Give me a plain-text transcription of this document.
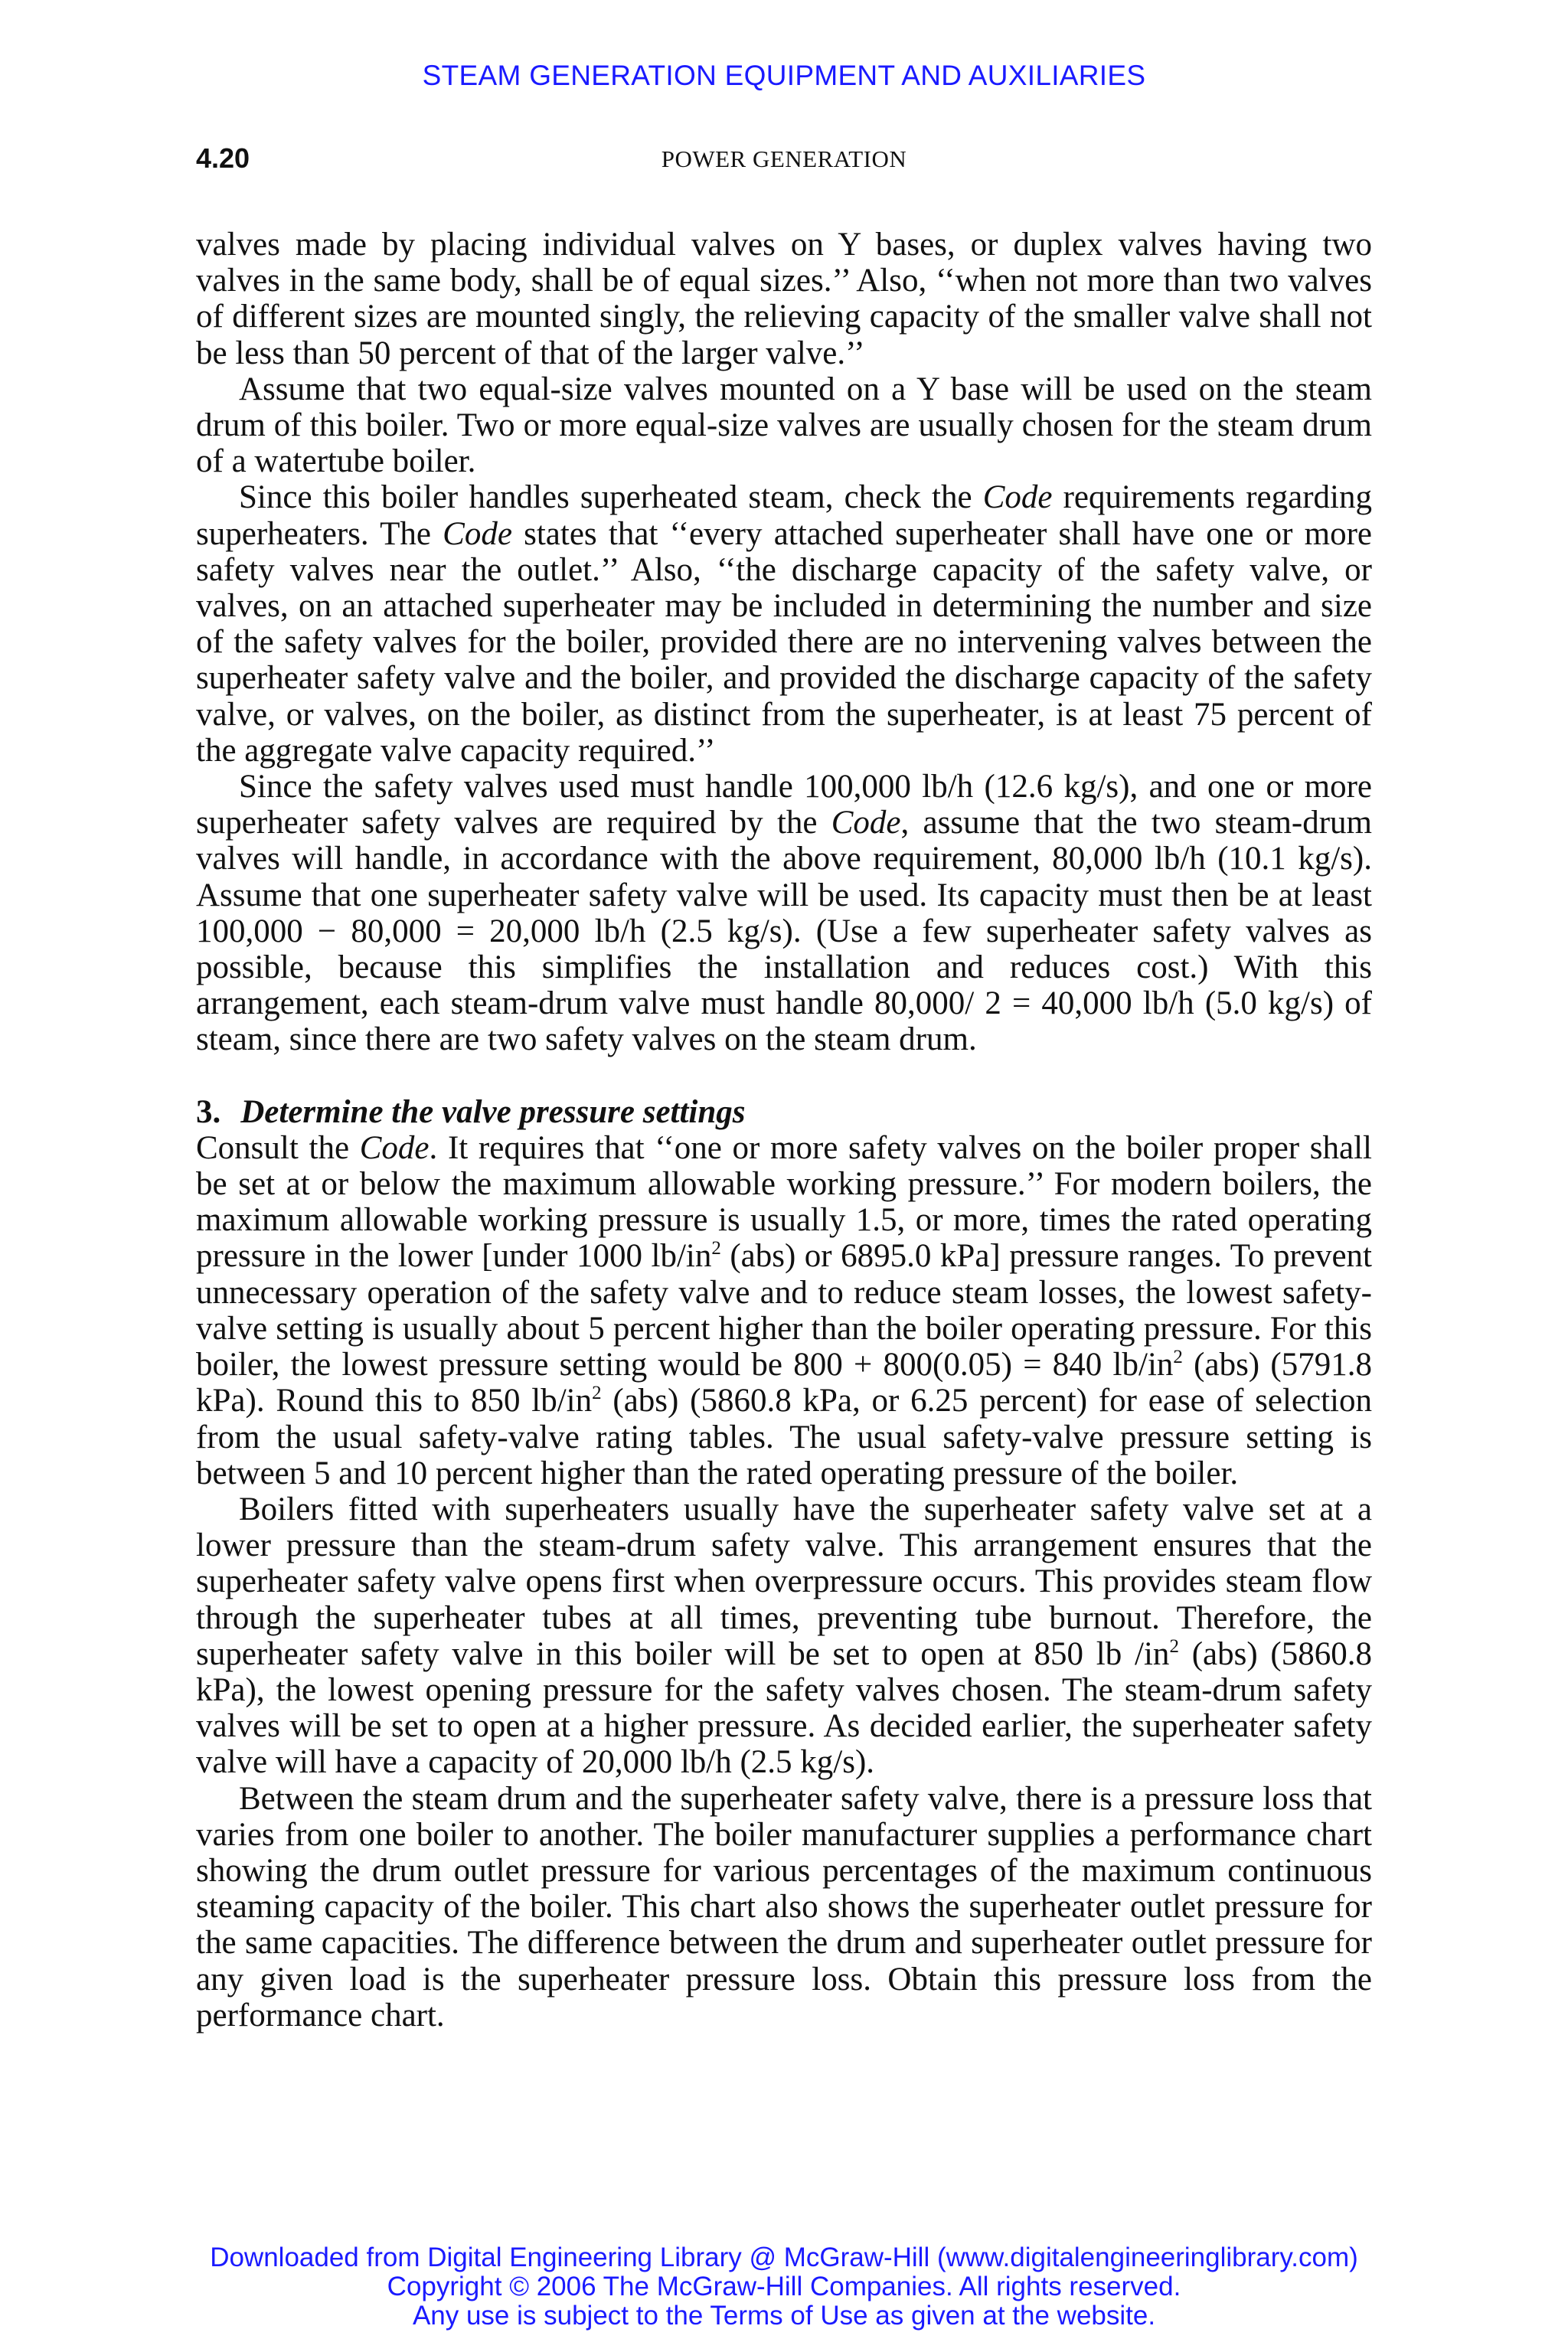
STEAM GENERATION EQUIPMENT AND AUXILIARIES
4.20	POWER GENERATION

valves made by placing individual valves on Y bases, or duplex valves having two valves in the same body, shall be of equal sizes.’’ Also, ‘‘when not more than two valves of different sizes are mounted singly, the relieving capacity of the smaller valve shall not be less than 50 percent of that of the larger valve.’’

Assume that two equal-size valves mounted on a Y base will be used on the steam drum of this boiler. Two or more equal-size valves are usually chosen for the steam drum of a watertube boiler.

Since this boiler handles superheated steam, check the Code requirements regarding superheaters. The Code states that ‘‘every attached superheater shall have one or more safety valves near the outlet.’’ Also, ‘‘the discharge capacity of the safety valve, or valves, on an attached superheater may be included in determining the number and size of the safety valves for the boiler, provided there are no intervening valves between the superheater safety valve and the boiler, and provided the discharge capacity of the safety valve, or valves, on the boiler, as distinct from the superheater, is at least 75 percent of the aggregate valve capacity required.’’

Since the safety valves used must handle 100,000 lb/h (12.6 kg/s), and one or more superheater safety valves are required by the Code, assume that the two steam-drum valves will handle, in accordance with the above requirement, 80,000 lb/h (10.1 kg/s). Assume that one superheater safety valve will be used. Its capacity must then be at least 100,000 − 80,000 = 20,000 lb/h (2.5 kg/s). (Use a few superheater safety valves as possible, because this simplifies the installation and reduces cost.) With this arrangement, each steam-drum valve must handle 80,000/ 2 = 40,000 lb/h (5.0 kg/s) of steam, since there are two safety valves on the steam drum.

3. Determine the valve pressure settings

Consult the Code. It requires that ‘‘one or more safety valves on the boiler proper shall be set at or below the maximum allowable working pressure.’’ For modern boilers, the maximum allowable working pressure is usually 1.5, or more, times the rated operating pressure in the lower [under 1000 $lb/in^2$ (abs) or 6895.0 kPa] pressure ranges. To prevent unnecessary operation of the safety valve and to reduce steam losses, the lowest safety-valve setting is usually about 5 percent higher than the boiler operating pressure. For this boiler, the lowest pressure setting would be 800 + 800(0.05) = 840 $lb/in^2$ (abs) (5791.8 kPa). Round this to 850 $lb/in^2$ (abs) (5860.8 kPa, or 6.25 percent) for ease of selection from the usual safety-valve rating tables. The usual safety-valve pressure setting is between 5 and 10 percent higher than the rated operating pressure of the boiler.

Boilers fitted with superheaters usually have the superheater safety valve set at a lower pressure than the steam-drum safety valve. This arrangement ensures that the superheater safety valve opens first when overpressure occurs. This provides steam flow through the superheater tubes at all times, preventing tube burnout. Therefore, the superheater safety valve in this boiler will be set to open at 850 lb $/in^2$ (abs) (5860.8 kPa), the lowest opening pressure for the safety valves chosen. The steam-drum safety valves will be set to open at a higher pressure. As decided earlier, the superheater safety valve will have a capacity of 20,000 lb/h (2.5 kg/s).

Between the steam drum and the superheater safety valve, there is a pressure loss that varies from one boiler to another. The boiler manufacturer supplies a performance chart showing the drum outlet pressure for various percentages of the maximum continuous steaming capacity of the boiler. This chart also shows the superheater outlet pressure for the same capacities. The difference between the drum and superheater outlet pressure for any given load is the superheater pressure loss. Obtain this pressure loss from the performance chart.

Downloaded from Digital Engineering Library @ McGraw-Hill (www.digitalengineeringlibrary.com)
Copyright © 2006 The McGraw-Hill Companies. All rights reserved.
Any use is subject to the Terms of Use as given at the website.
